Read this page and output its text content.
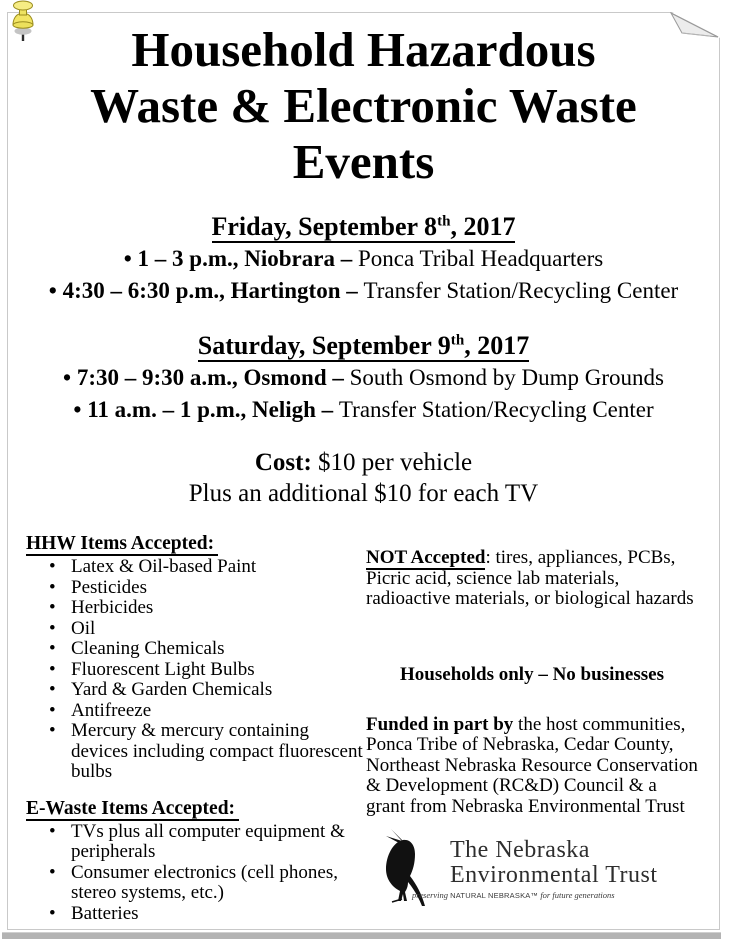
Household Hazardous
Waste & Electronic Waste
Events
Friday, September 8th, 2017
• 1 – 3 p.m., Niobrara – Ponca Tribal Headquarters
• 4:30 – 6:30 p.m., Hartington – Transfer Station/Recycling Center
Saturday, September 9th, 2017
• 7:30 – 9:30 a.m., Osmond – South Osmond by Dump Grounds
• 11 a.m. – 1 p.m., Neligh – Transfer Station/Recycling Center
Cost: $10 per vehicle
Plus an additional $10 for each TV
HHW Items Accepted:
• Latex & Oil-based Paint
• Pesticides
• Herbicides
• Oil
• Cleaning Chemicals
• Fluorescent Light Bulbs
• Yard & Garden Chemicals
• Antifreeze
• Mercury & mercury containing devices including compact fluorescent bulbs
E-Waste Items Accepted:
• TVs plus all computer equipment & peripherals
• Consumer electronics (cell phones, stereo systems, etc.)
• Batteries
NOT Accepted: tires, appliances, PCBs, Picric acid, science lab materials, radioactive materials, or biological hazards
Households only – No businesses
Funded in part by the host communities, Ponca Tribe of Nebraska, Cedar County, Northeast Nebraska Resource Conservation & Development (RC&D) Council & a grant from Nebraska Environmental Trust
The Nebraska
Environmental Trust
preserving NATURAL NEBRASKA™ for future generations
